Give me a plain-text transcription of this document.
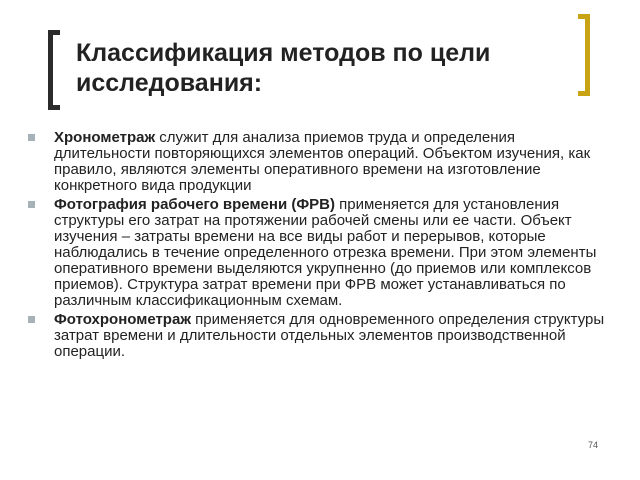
Классификация методов по цели исследования:
Хронометраж служит для анализа приемов труда и определения длительности повторяющихся элементов операций. Объектом изучения, как правило, являются элементы оперативного времени на изготовление конкретного вида продукции
Фотография рабочего времени (ФРВ) применяется для установления структуры его затрат на протяжении рабочей смены или ее части. Объект изучения – затраты времени на все виды работ и перерывов, которые наблюдались в течение определенного отрезка времени. При этом элементы оперативного времени выделяются укрупненно (до приемов или комплексов приемов). Структура затрат времени при ФРВ может устанавливаться по различным классификационным схемам.
Фотохронометраж применяется для одновременного определения структуры затрат времени и длительности отдельных элементов производственной операции.
74
